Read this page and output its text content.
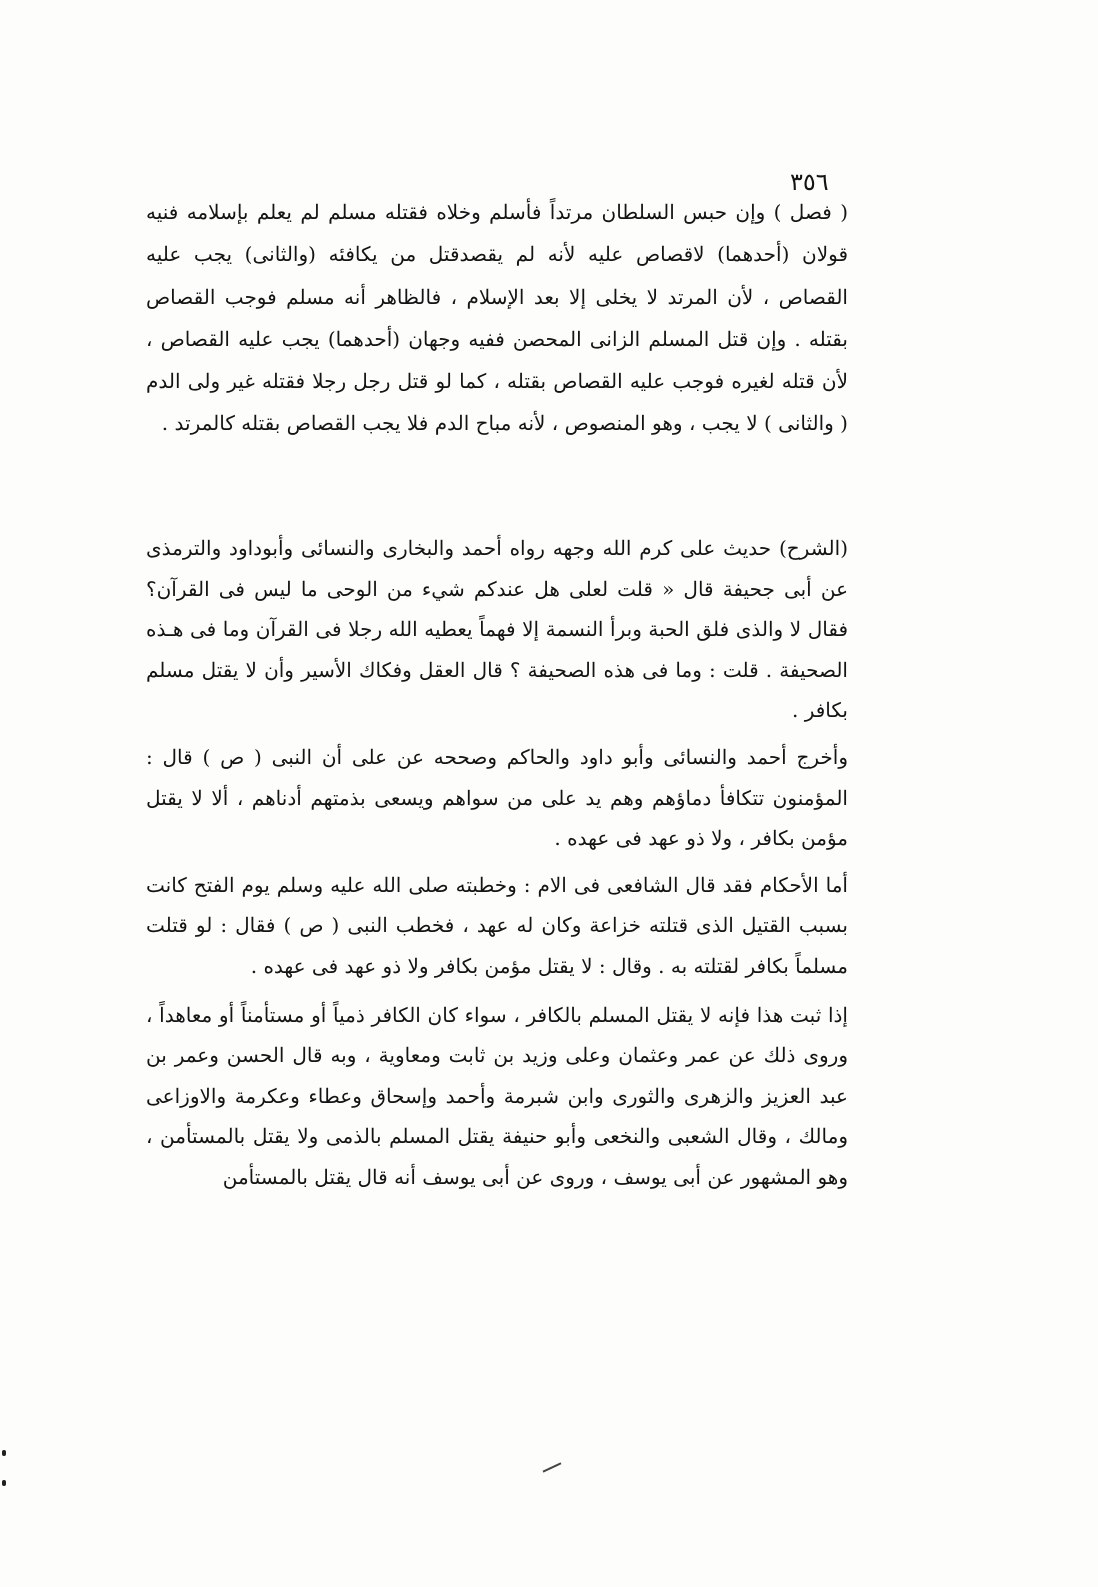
٣٥٦

( فصل ) وإن حبس السلطان مرتداً فأسلم وخلاه فقتله مسلم لم يعلم بإسلامه فنيه قولان (أحدهما) لاقصاص عليه لأنه لم يقصدقتل من يكافئه (والثانى) يجب عليه القصاص ، لأن المرتد لا يخلى إلا بعد الإسلام ، فالظاهر أنه مسلم فوجب القصاص بقتله . وإن قتل المسلم الزانى المحصن ففيه وجهان (أحدهما) يجب عليه القصاص ، لأن قتله لغيره فوجب عليه القصاص بقتله ، كما لو قتل رجل رجلا فقتله غير ولى الدم ( والثانى ) لا يجب ، وهو المنصوص ، لأنه مباح الدم فلا يجب القصاص بقتله كالمرتد .

(الشرح) حديث على كرم الله وجهه رواه أحمد والبخارى والنسائى وأبوداود والترمذى عن أبى جحيفة قال « قلت لعلى هل عندكم شيء من الوحى ما ليس فى القرآن؟ فقال لا والذى فلق الحبة وبرأ النسمة إلا فهماً يعطيه الله رجلا فى القرآن وما فى هـذه الصحيفة . قلت : وما فى هذه الصحيفة ؟ قال العقل وفكاك الأسير وأن لا يقتل مسلم بكافر .

وأخرج أحمد والنسائى وأبو داود والحاكم وصححه عن على أن النبى ( ص ) قال : المؤمنون تتكافأ دماؤهم وهم يد على من سواهم ويسعى بذمتهم أدناهم ، ألا لا يقتل مؤمن بكافر ، ولا ذو عهد فى عهده .

أما الأحكام فقد قال الشافعى فى الام : وخطبته صلى الله عليه وسلم يوم الفتح كانت بسبب القتيل الذى قتلته خزاعة وكان له عهد ، فخطب النبى ( ص ) فقال : لو قتلت مسلماً بكافر لقتلته به . وقال : لا يقتل مؤمن بكافر ولا ذو عهد فى عهده .

إذا ثبت هذا فإنه لا يقتل المسلم بالكافر ، سواء كان الكافر ذمياً أو مستأمناً أو معاهداً ، وروى ذلك عن عمر وعثمان وعلى وزيد بن ثابت ومعاوية ، وبه قال الحسن وعمر بن عبد العزيز والزهرى والثورى وابن شبرمة وأحمد وإسحاق وعطاء وعكرمة والاوزاعى ومالك ، وقال الشعبى والنخعى وأبو حنيفة يقتل المسلم بالذمى ولا يقتل بالمستأمن ، وهو المشهور عن أبى يوسف ، وروى عن أبى يوسف أنه قال يقتل بالمستأمن

ـــ
